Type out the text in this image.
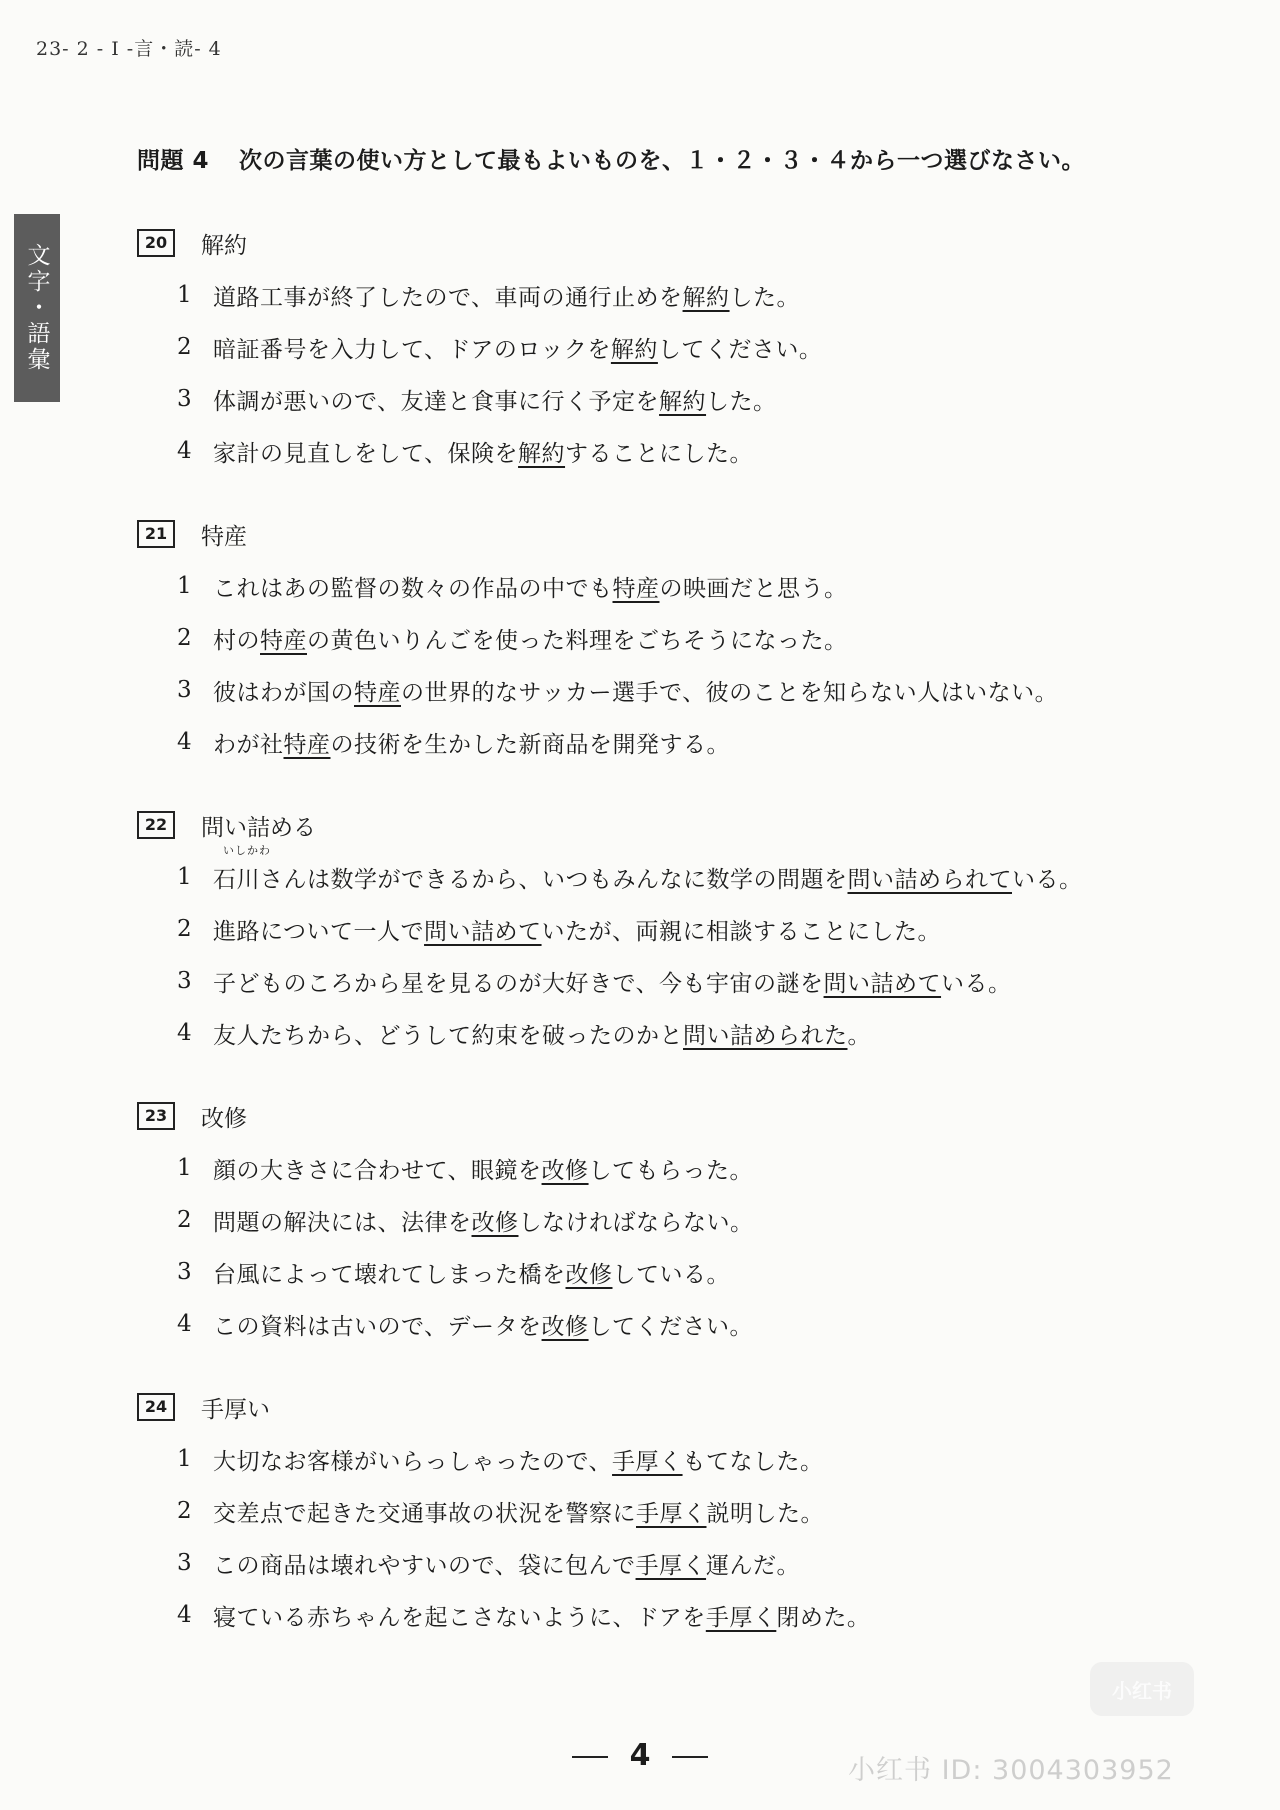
23- 2 - I -言・読- 4
文字・語彙
問題 4 次の言葉の使い方として最もよいものを、１・２・３・４から一つ選びなさい。
20	解約
1 道路工事が終了したので、車両の通行止めを解約した。
2 暗証番号を入力して、ドアのロックを解約してください。
3 体調が悪いので、友達と食事に行く予定を解約した。
4 家計の見直しをして、保険を解約することにした。
21	特産
1 これはあの監督の数々の作品の中でも特産の映画だと思う。
2 村の特産の黄色いりんごを使った料理をごちそうになった。
3 彼はわが国の特産の世界的なサッカー選手で、彼のことを知らない人はいない。
4 わが社特産の技術を生かした新商品を開発する。
22	問い詰める
いしかわ
1 石川さんは数学ができるから、いつもみんなに数学の問題を問い詰められている。
2 進路について一人で問い詰めていたが、両親に相談することにした。
3 子どものころから星を見るのが大好きで、今も宇宙の謎を問い詰めている。
4 友人たちから、どうして約束を破ったのかと問い詰められた。
23	改修
1 顔の大きさに合わせて、眼鏡を改修してもらった。
2 問題の解決には、法律を改修しなければならない。
3 台風によって壊れてしまった橋を改修している。
4 この資料は古いので、データを改修してください。
24	手厚い
1 大切なお客様がいらっしゃったので、手厚くもてなした。
2 交差点で起きた交通事故の状況を警察に手厚く説明した。
3 この商品は壊れやすいので、袋に包んで手厚く運んだ。
4 寝ている赤ちゃんを起こさないように、ドアを手厚く閉めた。
4
小红书
小红书 ID: 3004303952
